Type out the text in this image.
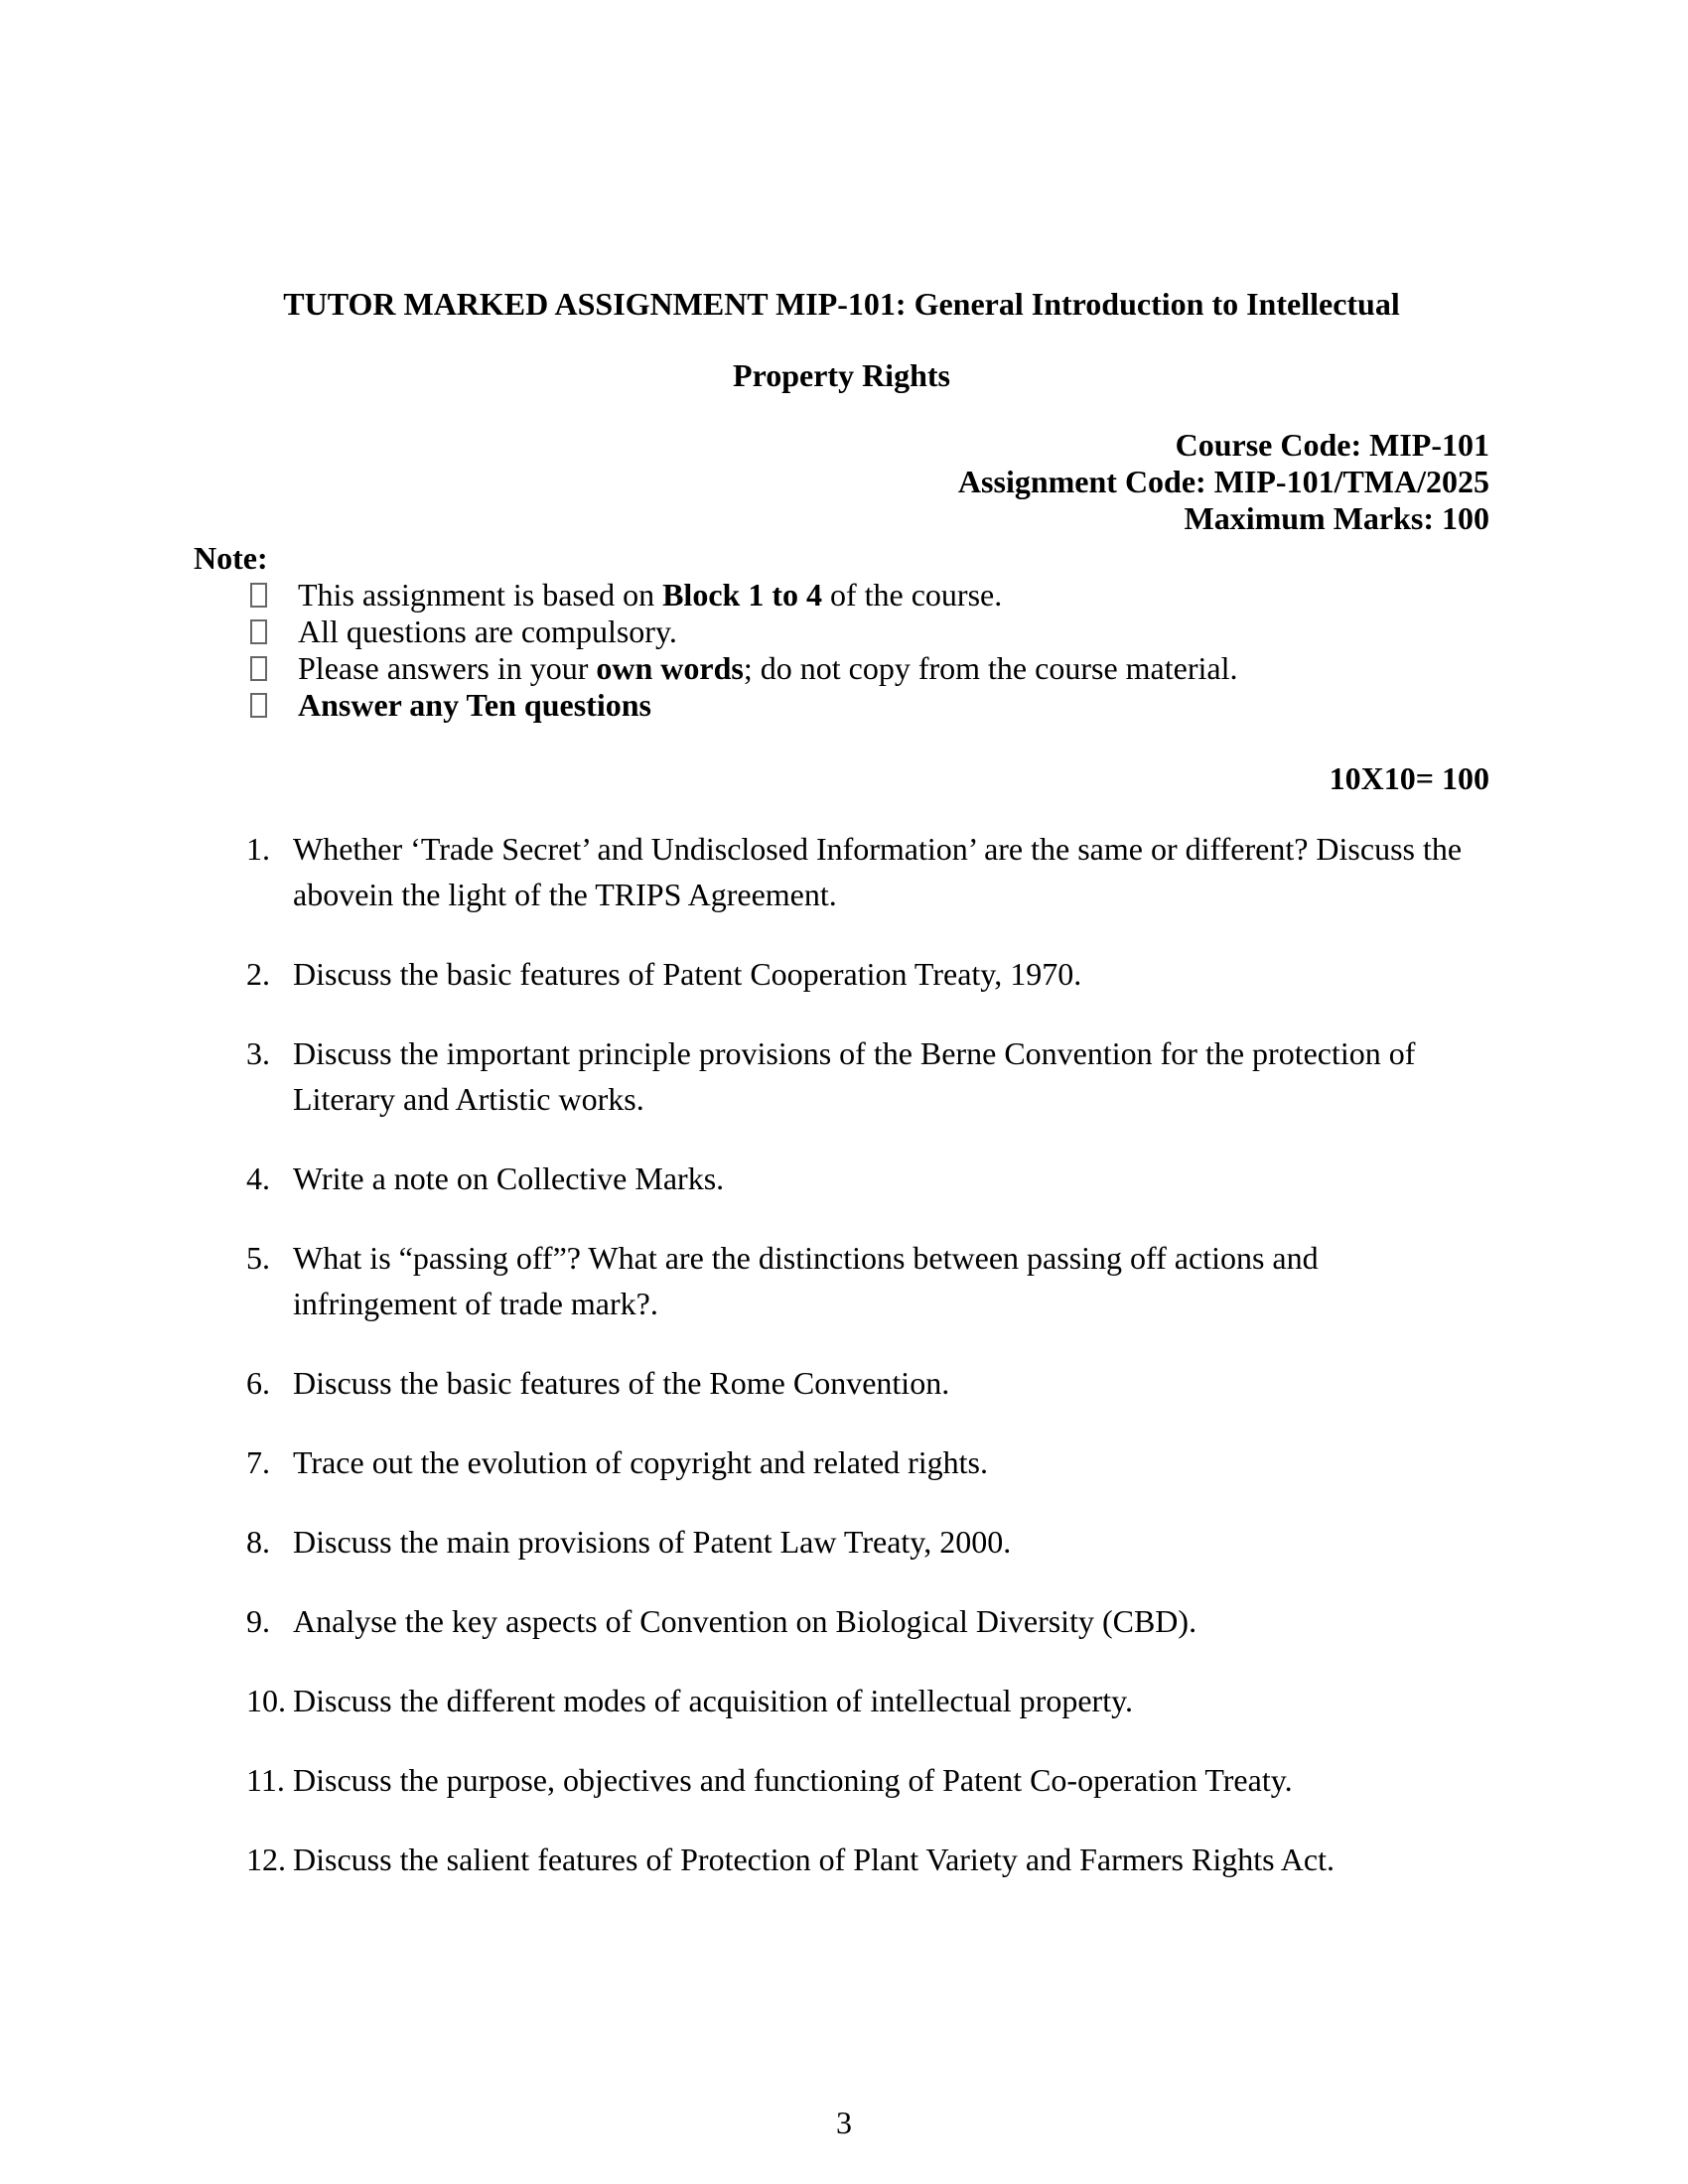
TUTOR MARKED ASSIGNMENT MIP-101: General Introduction to Intellectual
Property Rights
Course Code: MIP-101
Assignment Code: MIP-101/TMA/2025
Maximum Marks: 100
Note:
This assignment is based on Block 1 to 4 of the course.
All questions are compulsory.
Please answers in your own words; do not copy from the course material.
Answer any Ten questions
10X10= 100
1. Whether ‘Trade Secret’ and Undisclosed Information’ are the same or different? Discuss the abovein the light of the TRIPS Agreement.
2. Discuss the basic features of Patent Cooperation Treaty, 1970.
3. Discuss the important principle provisions of the Berne Convention for the protection of Literary and Artistic works.
4. Write a note on Collective Marks.
5. What is “passing off”? What are the distinctions between passing off actions and infringement of trade mark?.
6. Discuss the basic features of the Rome Convention.
7. Trace out the evolution of copyright and related rights.
8. Discuss the main provisions of Patent Law Treaty, 2000.
9. Analyse the key aspects of Convention on Biological Diversity (CBD).
10. Discuss the different modes of acquisition of intellectual property.
11. Discuss the purpose, objectives and functioning of Patent Co-operation Treaty.
12. Discuss the salient features of Protection of Plant Variety and Farmers Rights Act.
3
